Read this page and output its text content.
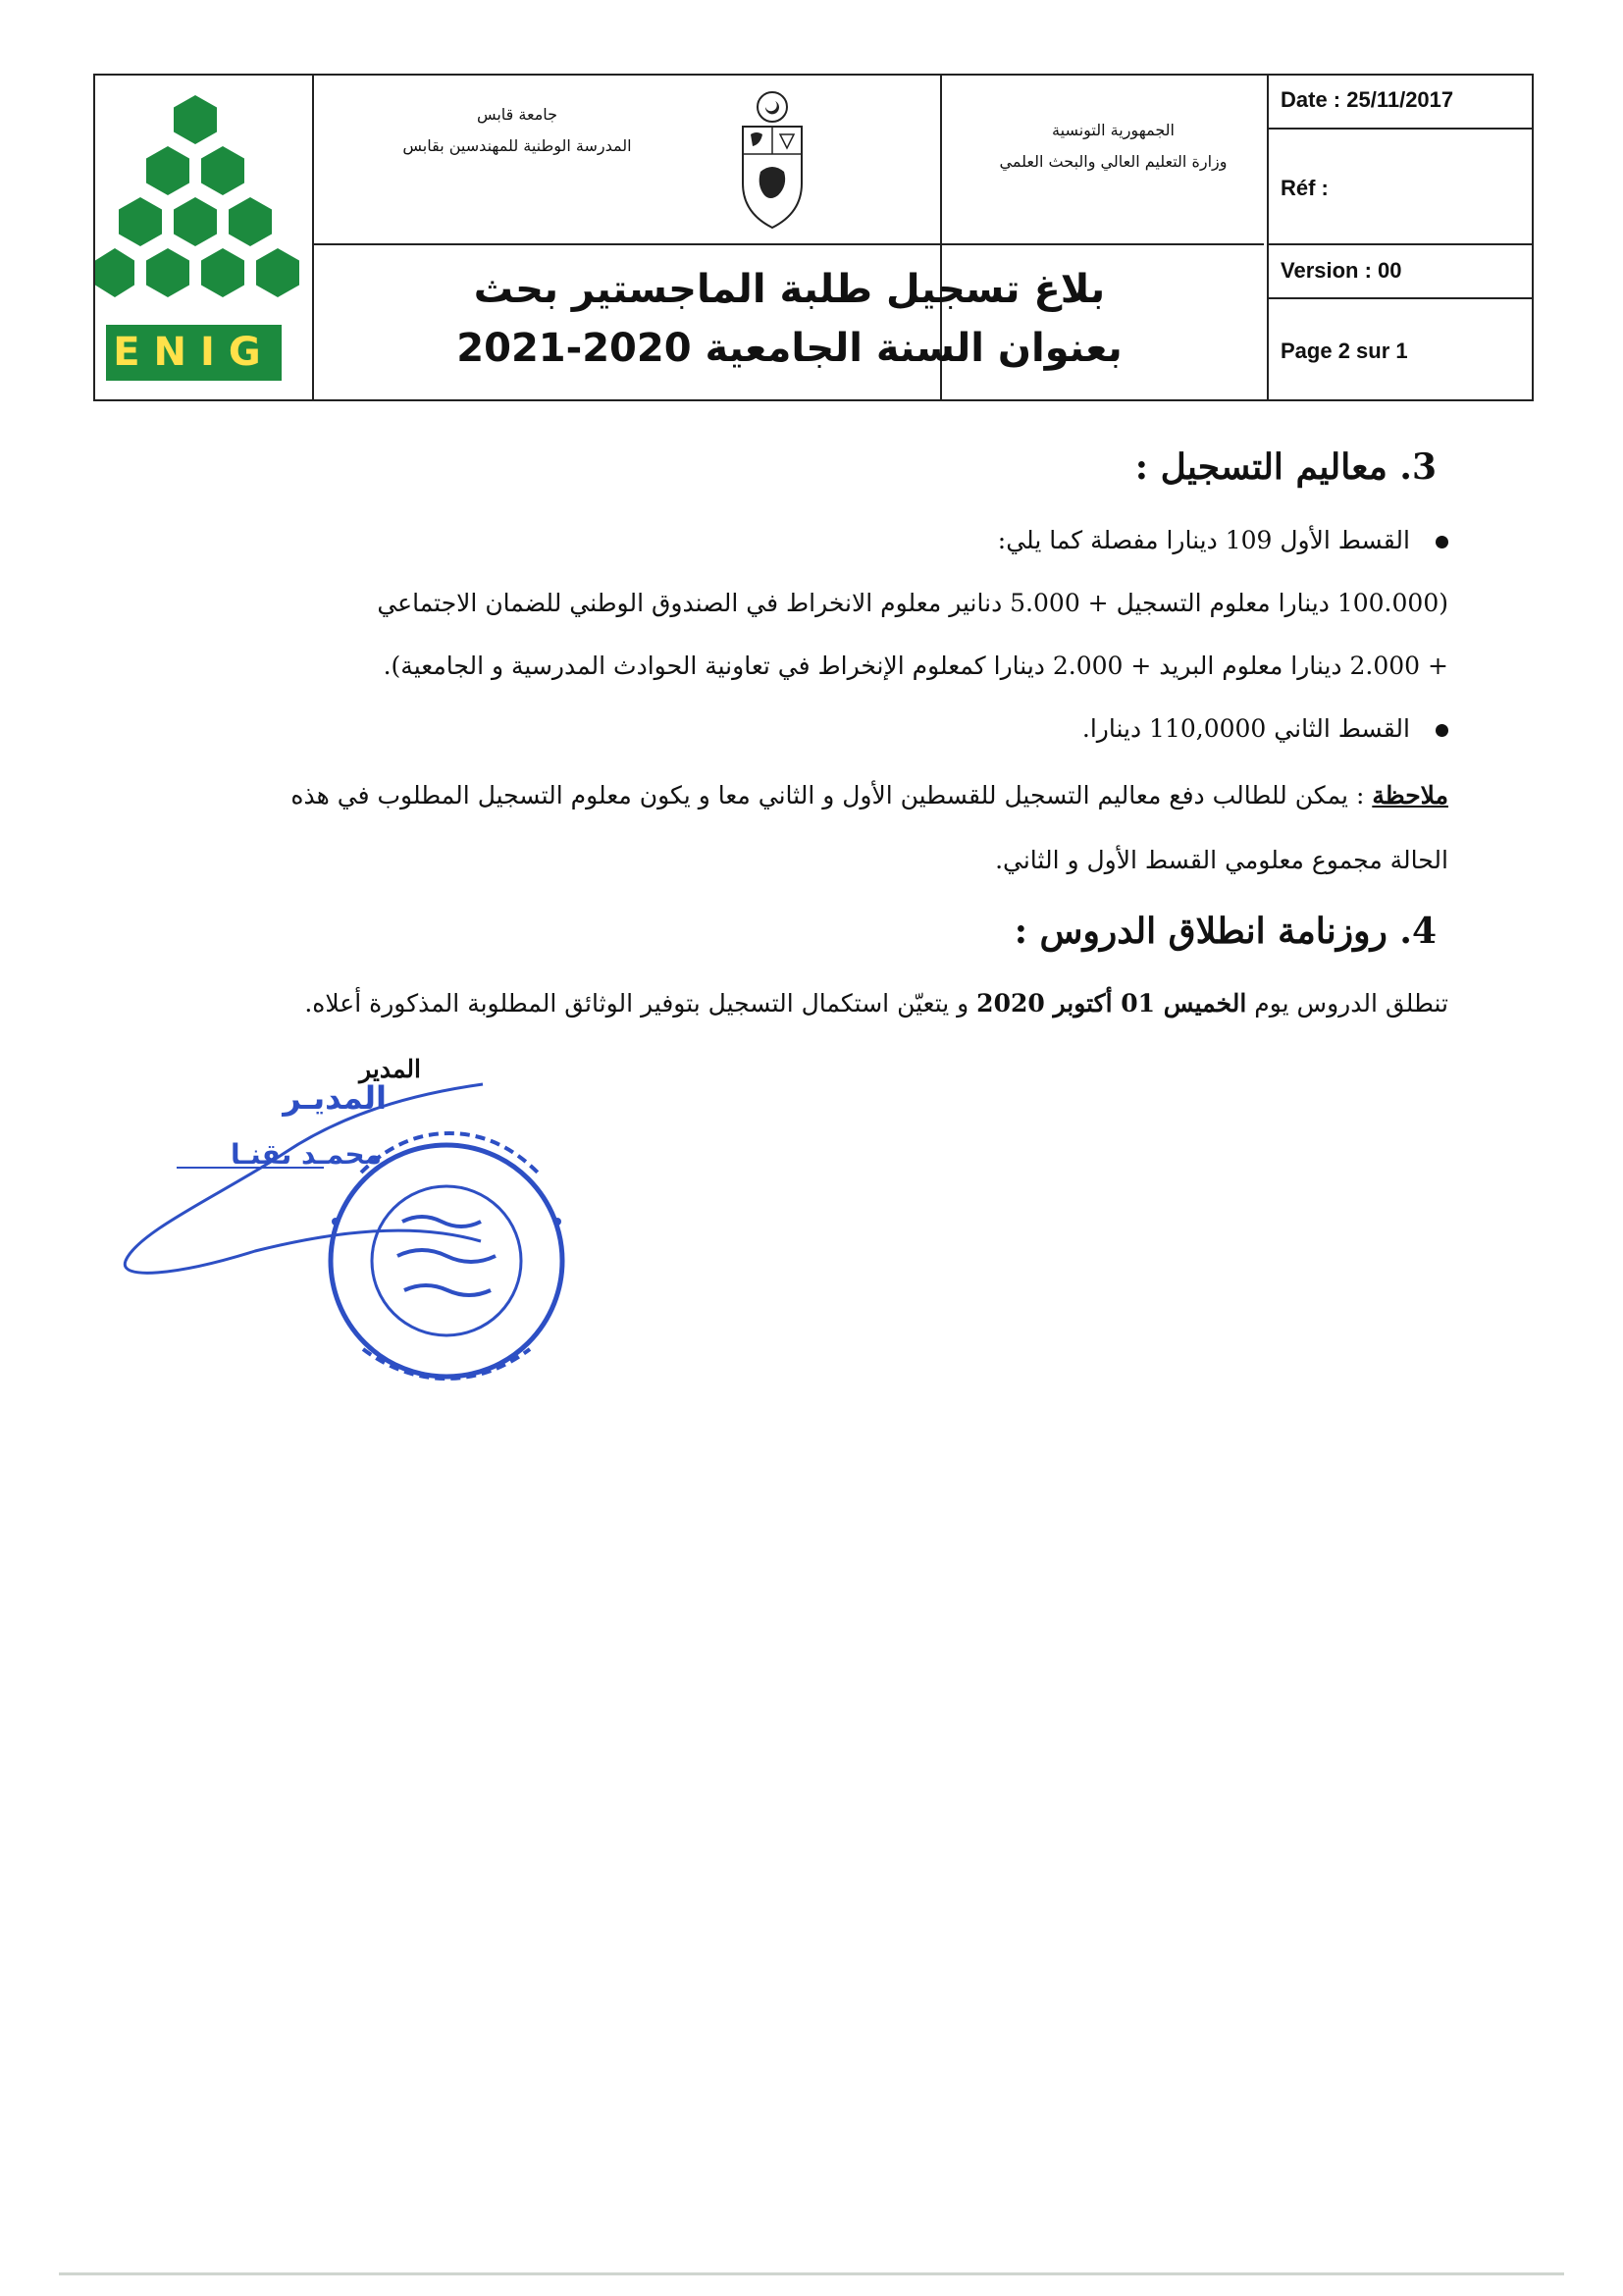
ENIG
جامعة قابس
المدرسة الوطنية للمهندسين بقابس
الجمهورية التونسية
وزارة التعليم العالي والبحث العلمي
Date : 25/11/2017
Réf :
Version : 00
Page 2 sur 1
بلاغ تسجيل طلبة الماجستير بحث
بعنوان السنة الجامعية 2020-2021
3. معاليم التسجيل :
القسط الأول 109 دينارا مفصلة كما يلي:
(100.000 دينارا معلوم التسجيل + 5.000 دنانير معلوم الانخراط في الصندوق الوطني للضمان الاجتماعي
+ 2.000 دينارا معلوم البريد + 2.000 دينارا كمعلوم الإنخراط في تعاونية الحوادث المدرسية و الجامعية).
القسط الثاني 110,0000 دينارا.
ملاحظة : يمكن للطالب دفع معاليم التسجيل للقسطين الأول و الثاني معا و يكون معلوم التسجيل المطلوب في هذه
الحالة مجموع معلومي القسط الأول و الثاني.
4. روزنامة انطلاق الدروس :
تنطلق الدروس يوم الخميس 01 أكتوبر 2020 و يتعيّن استكمال التسجيل بتوفير الوثائق المطلوبة المذكورة أعلاه.
المدير
المديـر
محمـد بقنـا
